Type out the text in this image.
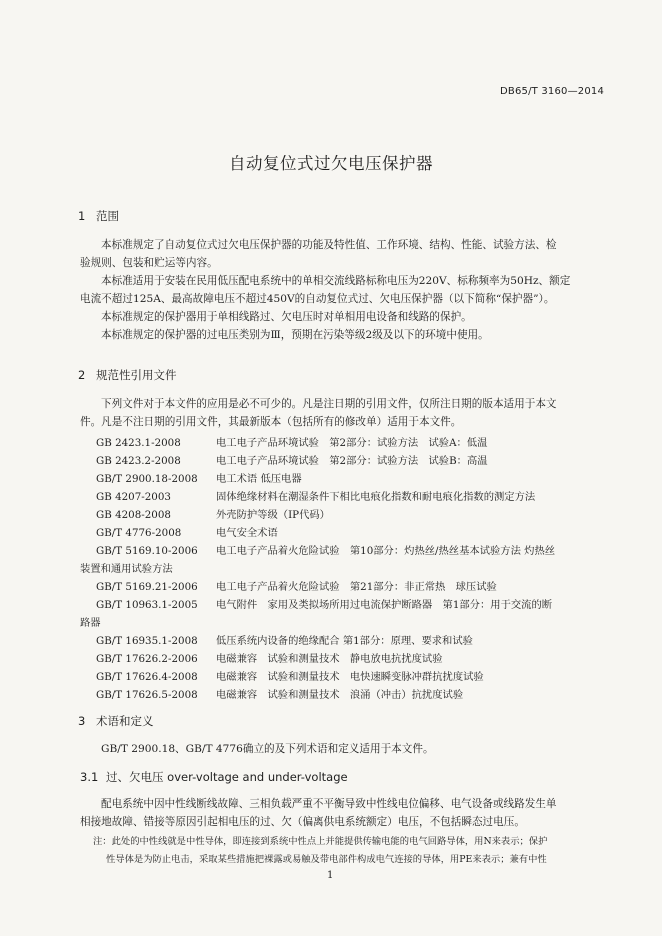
DB65/T 3160—2014
自动复位式过欠电压保护器
1 范围
本标准规定了自动复位式过欠电压保护器的功能及特性值、工作环境、结构、性能、试验方法、检
验规则、包装和贮运等内容。
本标准适用于安装在民用低压配电系统中的单相交流线路标称电压为220V、标称频率为50Hz、额定
电流不超过125A、最高故障电压不超过450V的自动复位式过、欠电压保护器（以下简称“保护器”）。
本标准规定的保护器用于单相线路过、欠电压时对单相用电设备和线路的保护。
本标准规定的保护器的过电压类别为Ⅲ，预期在污染等级2级及以下的环境中使用。
2 规范性引用文件
下列文件对于本文件的应用是必不可少的。凡是注日期的引用文件，仅所注日期的版本适用于本文
件。凡是不注日期的引用文件，其最新版本（包括所有的修改单）适用于本文件。
GB 2423.1-2008	电工电子产品环境试验　第2部分：试验方法　试验A：低温
GB 2423.2-2008	电工电子产品环境试验　第2部分：试验方法　试验B：高温
GB/T 2900.18-2008 电工术语 低压电器
GB 4207-2003	固体绝缘材料在潮湿条件下相比电痕化指数和耐电痕化指数的测定方法
GB 4208-2008	外壳防护等级（IP代码）
GB/T 4776-2008	电气安全术语
GB/T 5169.10-2006 电工电子产品着火危险试验　第10部分：灼热丝/热丝基本试验方法 灼热丝
装置和通用试验方法
GB/T 5169.21-2006 电工电子产品着火危险试验　第21部分：非正常热　球压试验
GB/T 10963.1-2005 电气附件　家用及类拟场所用过电流保护断路器　第1部分：用于交流的断
路器
GB/T 16935.1-2008 低压系统内设备的绝缘配合 第1部分：原理、要求和试验
GB/T 17626.2-2006 电磁兼容　试验和测量技术　静电放电抗扰度试验
GB/T 17626.4-2008 电磁兼容　试验和测量技术　电快速瞬变脉冲群抗扰度试验
GB/T 17626.5-2008 电磁兼容　试验和测量技术　浪涌（冲击）抗扰度试验
3 术语和定义
GB/T 2900.18、GB/T 4776确立的及下列术语和定义适用于本文件。
3.1 过、欠电压 over-voltage and under-voltage
配电系统中因中性线断线故障、三相负载严重不平衡导致中性线电位偏移、电气设备或线路发生单
相接地故障、错接等原因引起相电压的过、欠（偏离供电系统额定）电压，不包括瞬态过电压。
注：此处的中性线就是中性导体，即连接到系统中性点上并能提供传输电能的电气回路导体，用N来表示；保护
性导体是为防止电击，采取某些措施把裸露或易触及带电部件构成电气连接的导体，用PE来表示；兼有中性
1
